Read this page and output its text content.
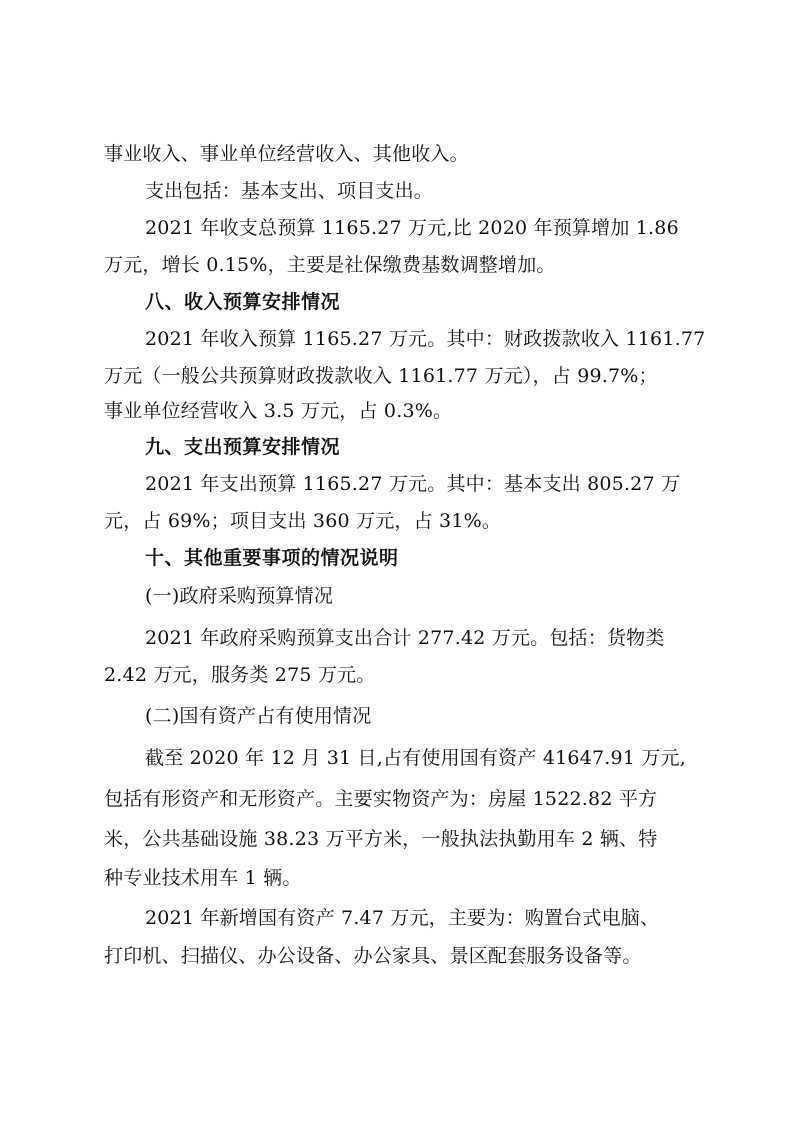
事业收入、事业单位经营收入、其他收入。
支出包括：基本支出、项目支出。
2021 年收支总预算 1165.27 万元,比 2020 年预算增加 1.86
万元，增长 0.15%，主要是社保缴费基数调整增加。
八、收入预算安排情况
2021 年收入预算 1165.27 万元。其中：财政拨款收入 1161.77
万元（一般公共预算财政拨款收入 1161.77 万元），占 99.7%；
事业单位经营收入 3.5 万元，占 0.3%。
九、支出预算安排情况
2021 年支出预算 1165.27 万元。其中：基本支出 805.27 万
元，占 69%；项目支出 360 万元，占 31%。
十、其他重要事项的情况说明
(一)政府采购预算情况
2021 年政府采购预算支出合计 277.42 万元。包括：货物类
2.42 万元，服务类 275 万元。
(二)国有资产占有使用情况
截至 2020 年 12 月 31 日,占有使用国有资产 41647.91 万元,
包括有形资产和无形资产。主要实物资产为：房屋 1522.82 平方
米，公共基础设施 38.23 万平方米，一般执法执勤用车 2 辆、特
种专业技术用车 1 辆。
2021 年新增国有资产 7.47 万元，主要为：购置台式电脑、
打印机、扫描仪、办公设备、办公家具、景区配套服务设备等。
